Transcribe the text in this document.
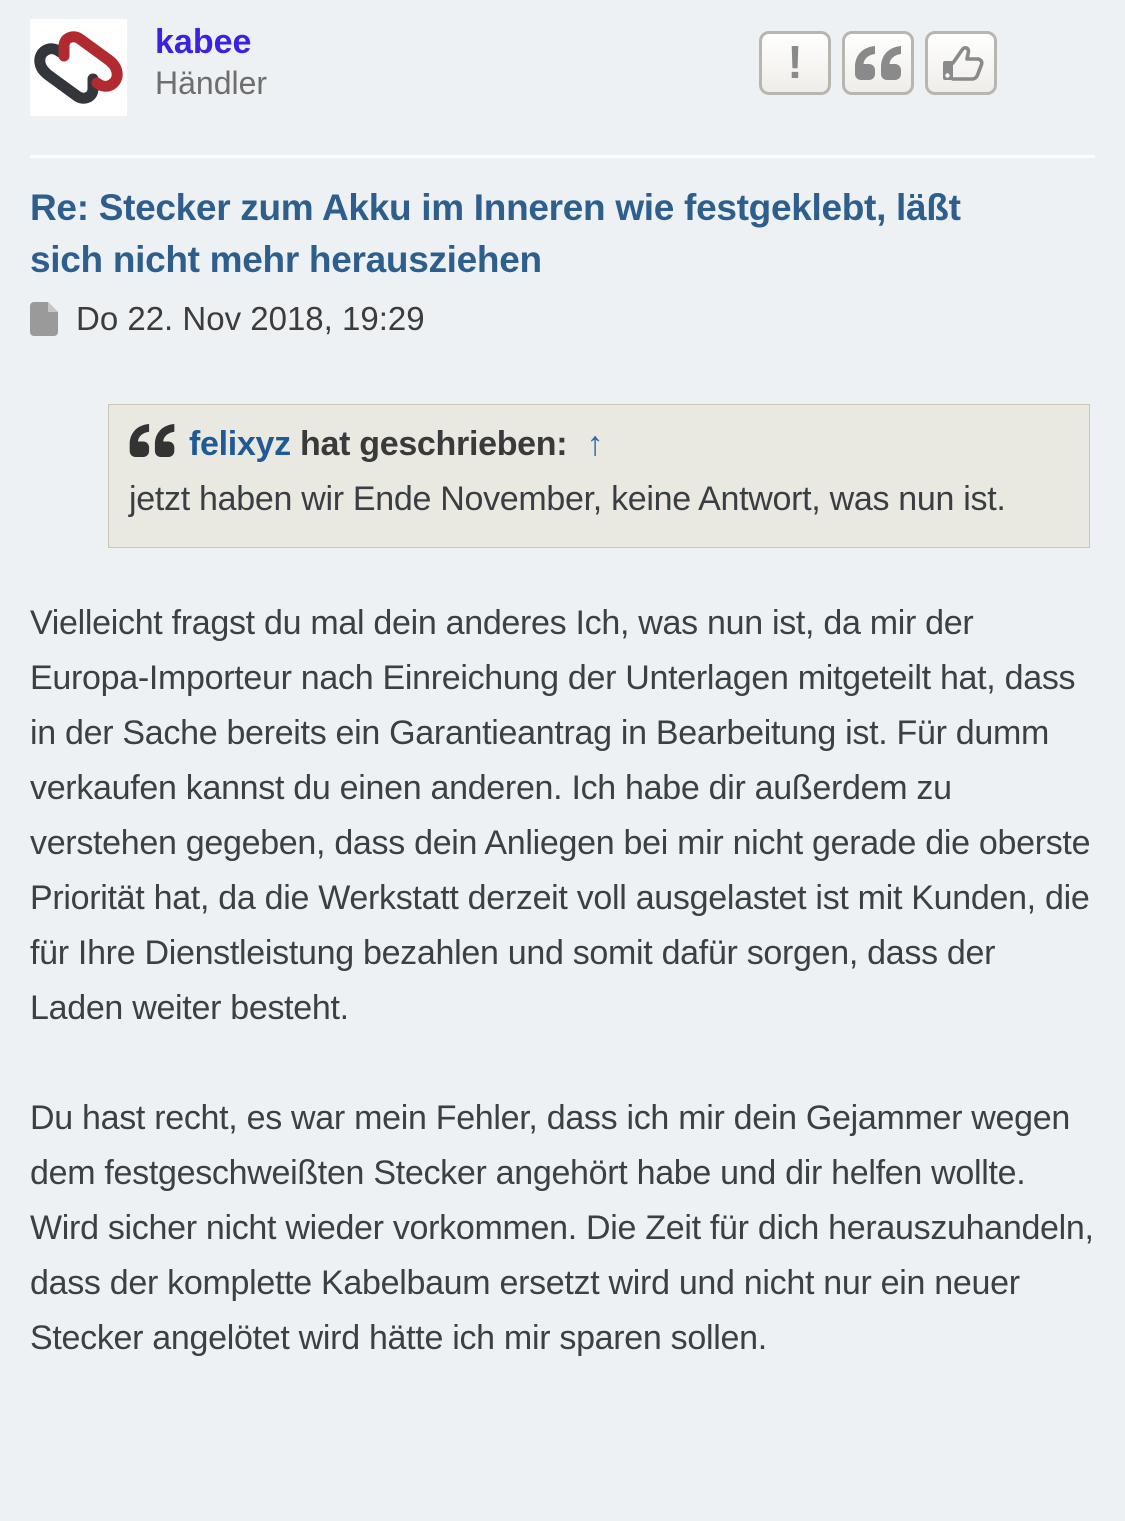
kabee
Händler	!
Re: Stecker zum Akku im Inneren wie festgeklebt, läßt sich nicht mehr herausziehen
Do 22. Nov 2018, 19:29
felixyz hat geschrieben: ↑
jetzt haben wir Ende November, keine Antwort, was nun ist.

Vielleicht fragst du mal dein anderes Ich, was nun ist, da mir der Europa-Importeur nach Einreichung der Unterlagen mitgeteilt hat, dass in der Sache bereits ein Garantieantrag in Bearbeitung ist. Für dumm verkaufen kannst du einen anderen. Ich habe dir außerdem zu verstehen gegeben, dass dein Anliegen bei mir nicht gerade die oberste Priorität hat, da die Werkstatt derzeit voll ausgelastet ist mit Kunden, die für Ihre Dienstleistung bezahlen und somit dafür sorgen, dass der Laden weiter besteht.

Du hast recht, es war mein Fehler, dass ich mir dein Gejammer wegen dem festgeschweißten Stecker angehört habe und dir helfen wollte. Wird sicher nicht wieder vorkommen. Die Zeit für dich herauszuhandeln, dass der komplette Kabelbaum ersetzt wird und nicht nur ein neuer Stecker angelötet wird hätte ich mir sparen sollen.
